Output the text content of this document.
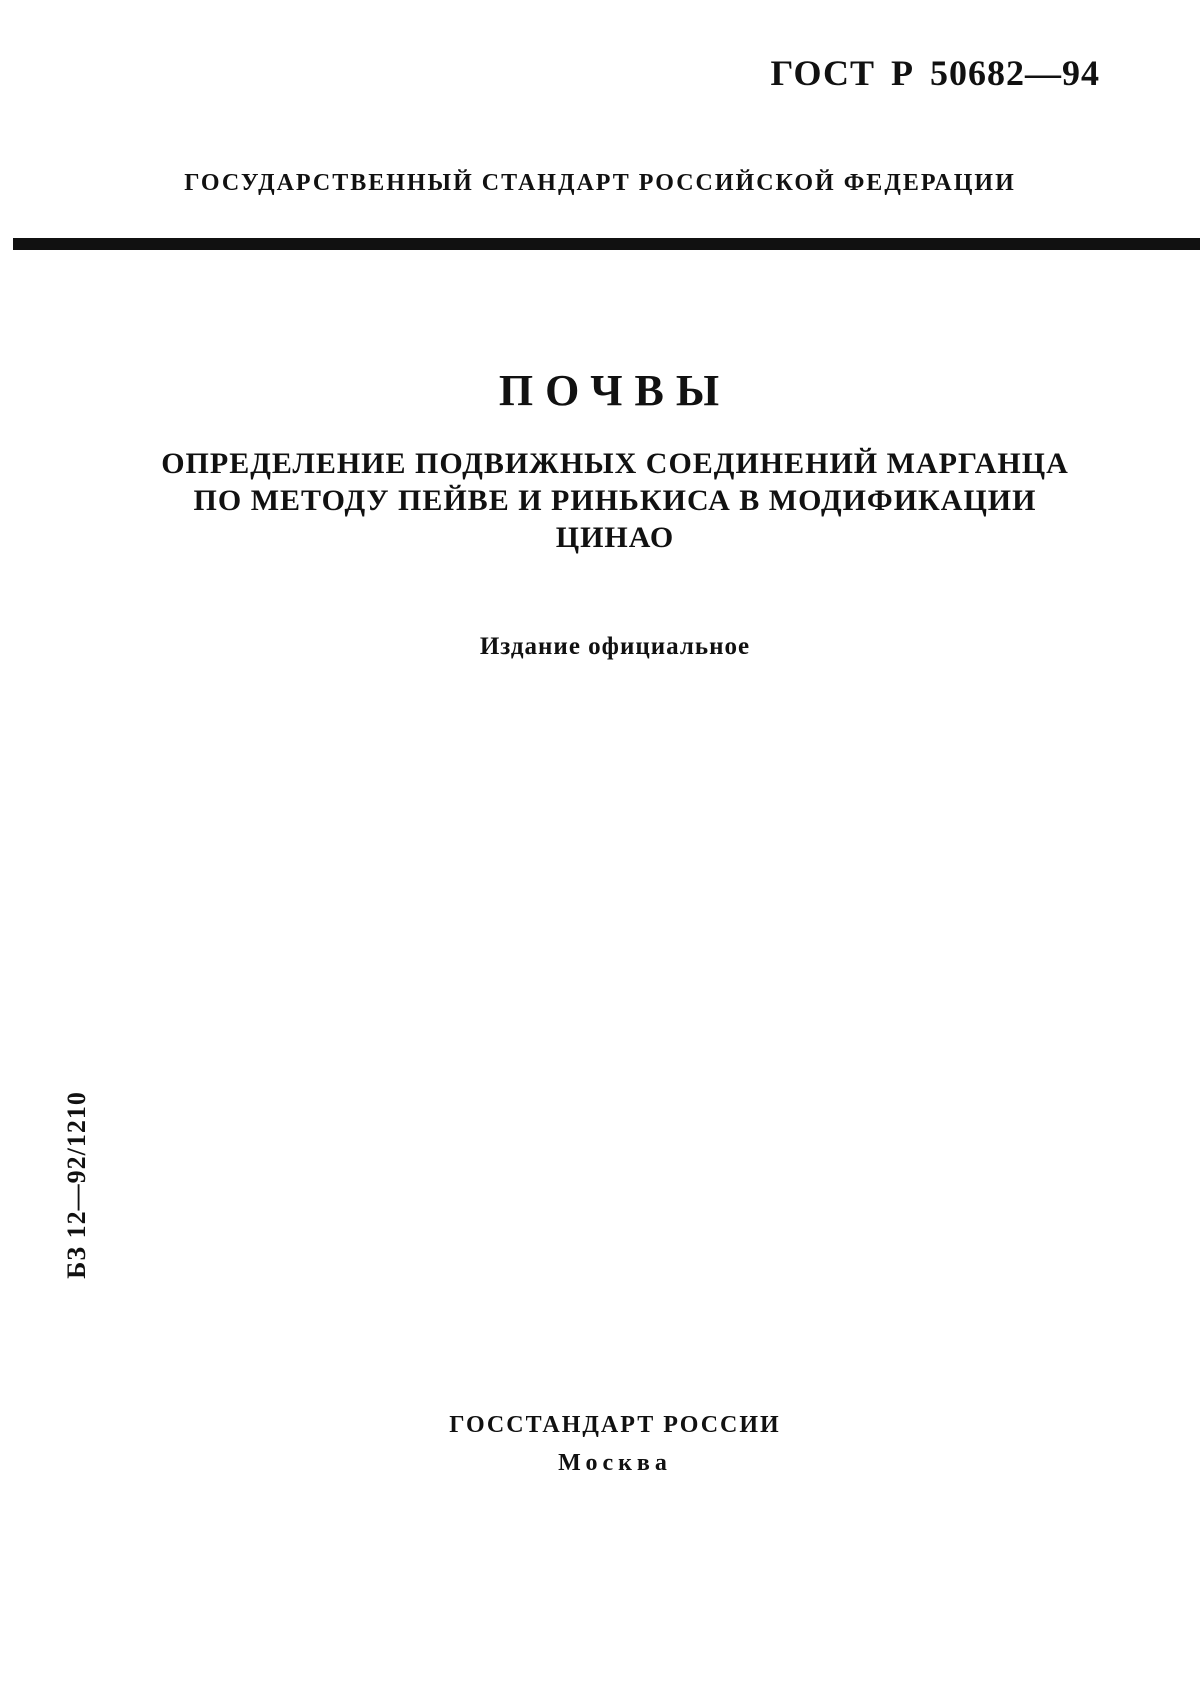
ГОСТ Р 50682—94
ГОСУДАРСТВЕННЫЙ СТАНДАРТ РОССИЙСКОЙ ФЕДЕРАЦИИ
ПОЧВЫ
ОПРЕДЕЛЕНИЕ ПОДВИЖНЫХ СОЕДИНЕНИЙ МАРГАНЦА
ПО МЕТОДУ ПЕЙВЕ И РИНЬКИСА В МОДИФИКАЦИИ
ЦИНАО
Издание официальное
БЗ 12—92/1210
ГОССТАНДАРТ РОССИИ
Москва
